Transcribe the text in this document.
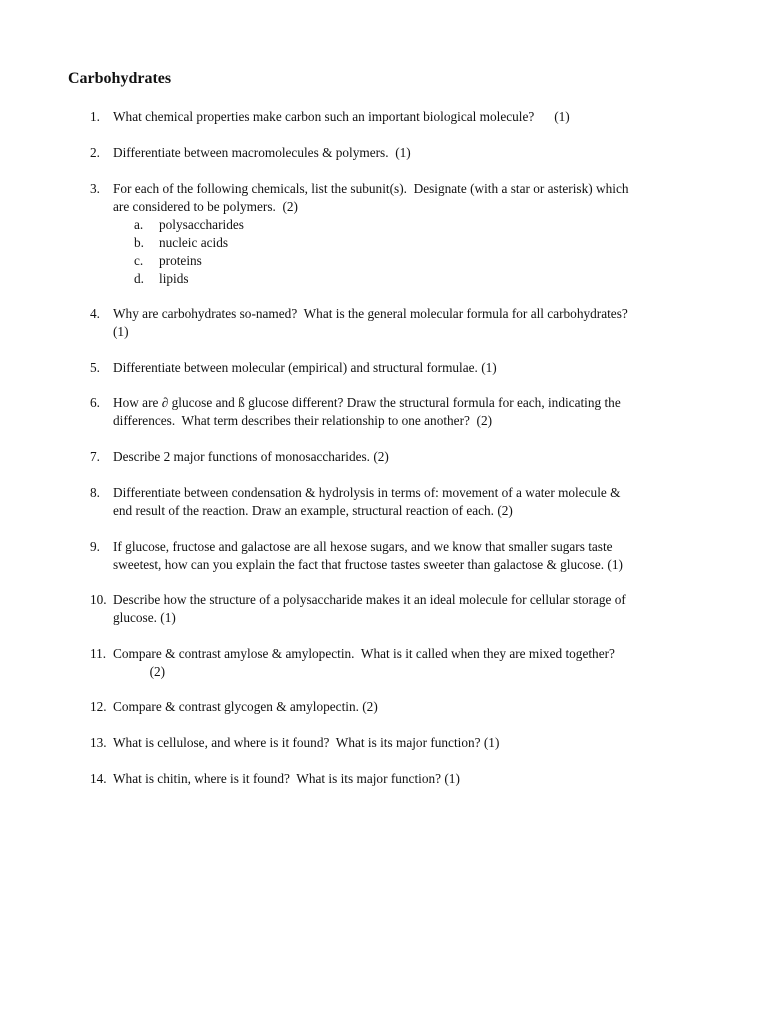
Carbohydrates
1. What chemical properties make carbon such an important biological molecule?      (1)
2. Differentiate between macromolecules & polymers.  (1)
3. For each of the following chemicals, list the subunit(s).  Designate (with a star or asterisk) which
are considered to be polymers.  (2)
a. polysaccharides
b. nucleic acids
c. proteins
d. lipids
4. Why are carbohydrates so-named?  What is the general molecular formula for all carbohydrates?
(1)
5. Differentiate between molecular (empirical) and structural formulae. (1)
6. How are ∂ glucose and ß glucose different? Draw the structural formula for each, indicating the
differences.  What term describes their relationship to one another?  (2)
7. Describe 2 major functions of monosaccharides. (2)
8. Differentiate between condensation & hydrolysis in terms of: movement of a water molecule &
end result of the reaction. Draw an example, structural reaction of each. (2)
9. If glucose, fructose and galactose are all hexose sugars, and we know that smaller sugars taste
sweetest, how can you explain the fact that fructose tastes sweeter than galactose & glucose. (1)
10. Describe how the structure of a polysaccharide makes it an ideal molecule for cellular storage of
glucose. (1)
11. Compare & contrast amylose & amylopectin.  What is it called when they are mixed together?
(2)
12. Compare & contrast glycogen & amylopectin. (2)
13. What is cellulose, and where is it found?  What is its major function? (1)
14. What is chitin, where is it found?  What is its major function? (1)
